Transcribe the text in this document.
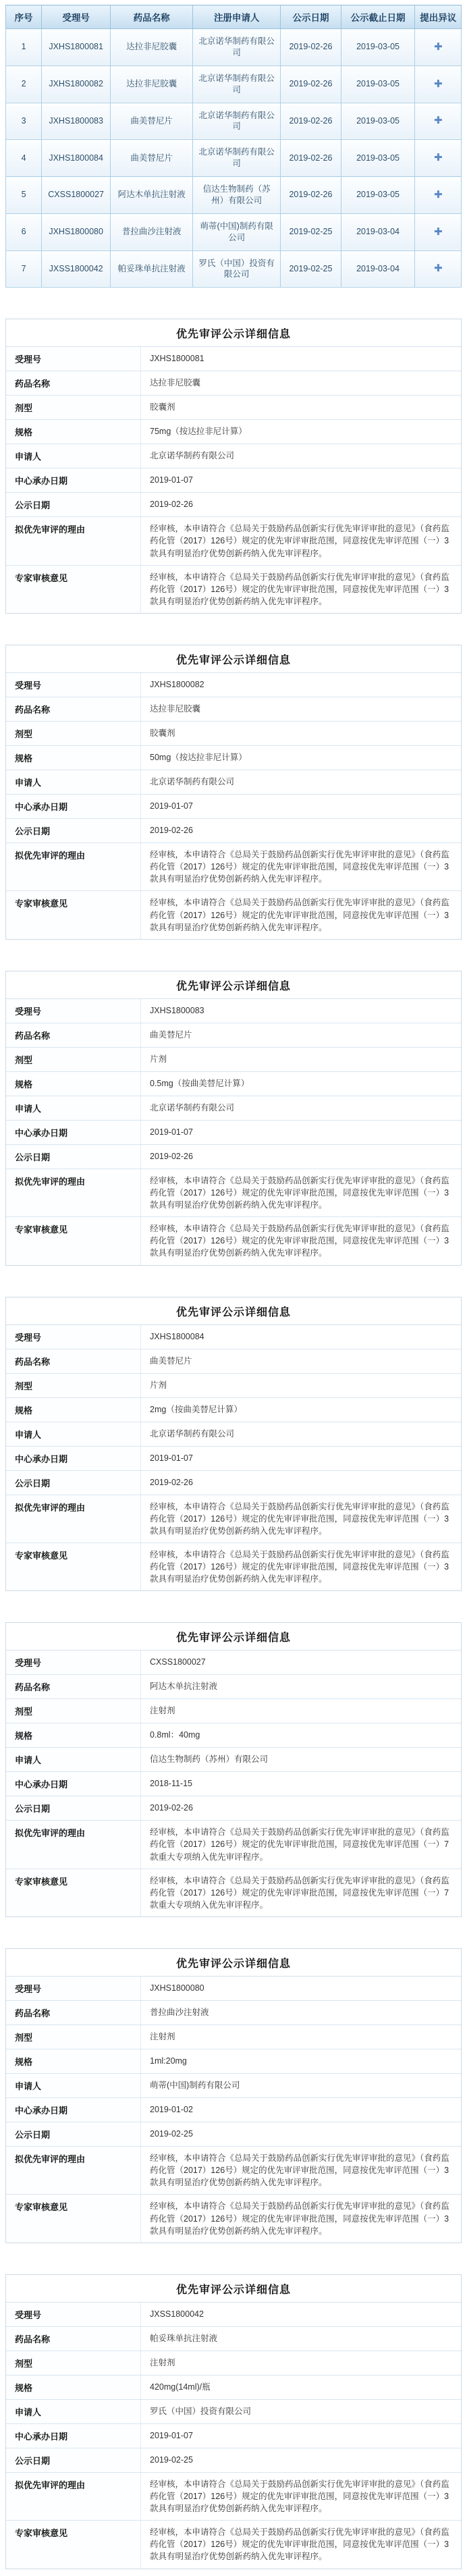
序号	受理号	药品名称	注册申请人	公示日期	公示截止日期	提出异议
1	JXHS1800081	达拉非尼胶囊	北京诺华制药有限公司	2019-02-26	2019-03-05	✚
2	JXHS1800082	达拉非尼胶囊	北京诺华制药有限公司	2019-02-26	2019-03-05	✚
3	JXHS1800083	曲美替尼片	北京诺华制药有限公司	2019-02-26	2019-03-05	✚
4	JXHS1800084	曲美替尼片	北京诺华制药有限公司	2019-02-26	2019-03-05	✚
5	CXSS1800027	阿达木单抗注射液	信达生物制药（苏州）有限公司	2019-02-26	2019-03-05	✚
6	JXHS1800080	普拉曲沙注射液	萌蒂(中国)制药有限公司	2019-02-25	2019-03-04	✚
7	JXSS1800042	帕妥珠单抗注射液	罗氏（中国）投资有限公司	2019-02-25	2019-03-04	✚
优先审评公示详细信息
受理号	JXHS1800081
药品名称	达拉非尼胶囊
剂型	胶囊剂
规格	75mg（按达拉非尼计算）
申请人	北京诺华制药有限公司
中心承办日期	2019-01-07
公示日期	2019-02-26
拟优先审评的理由	经审核，本申请符合《总局关于鼓励药品创新实行优先审评审批的意见》（食药监药化管（2017）126号）规定的优先审评审批范围，同意按优先审评范围（一）3款具有明显治疗优势创新药纳入优先审评程序。
专家审核意见	经审核，本申请符合《总局关于鼓励药品创新实行优先审评审批的意见》（食药监药化管（2017）126号）规定的优先审评审批范围，同意按优先审评范围（一）3款具有明显治疗优势创新药纳入优先审评程序。
优先审评公示详细信息
受理号	JXHS1800082
药品名称	达拉非尼胶囊
剂型	胶囊剂
规格	50mg（按达拉非尼计算）
申请人	北京诺华制药有限公司
中心承办日期	2019-01-07
公示日期	2019-02-26
拟优先审评的理由	经审核，本申请符合《总局关于鼓励药品创新实行优先审评审批的意见》（食药监药化管（2017）126号）规定的优先审评审批范围，同意按优先审评范围（一）3款具有明显治疗优势创新药纳入优先审评程序。
专家审核意见	经审核，本申请符合《总局关于鼓励药品创新实行优先审评审批的意见》（食药监药化管（2017）126号）规定的优先审评审批范围，同意按优先审评范围（一）3款具有明显治疗优势创新药纳入优先审评程序。
优先审评公示详细信息
受理号	JXHS1800083
药品名称	曲美替尼片
剂型	片剂
规格	0.5mg（按曲美替尼计算）
申请人	北京诺华制药有限公司
中心承办日期	2019-01-07
公示日期	2019-02-26
拟优先审评的理由	经审核，本申请符合《总局关于鼓励药品创新实行优先审评审批的意见》（食药监药化管（2017）126号）规定的优先审评审批范围，同意按优先审评范围（一）3款具有明显治疗优势创新药纳入优先审评程序。
专家审核意见	经审核，本申请符合《总局关于鼓励药品创新实行优先审评审批的意见》（食药监药化管（2017）126号）规定的优先审评审批范围，同意按优先审评范围（一）3款具有明显治疗优势创新药纳入优先审评程序。
优先审评公示详细信息
受理号	JXHS1800084
药品名称	曲美替尼片
剂型	片剂
规格	2mg（按曲美替尼计算）
申请人	北京诺华制药有限公司
中心承办日期	2019-01-07
公示日期	2019-02-26
拟优先审评的理由	经审核，本申请符合《总局关于鼓励药品创新实行优先审评审批的意见》（食药监药化管（2017）126号）规定的优先审评审批范围，同意按优先审评范围（一）3款具有明显治疗优势创新药纳入优先审评程序。
专家审核意见	经审核，本申请符合《总局关于鼓励药品创新实行优先审评审批的意见》（食药监药化管（2017）126号）规定的优先审评审批范围，同意按优先审评范围（一）3款具有明显治疗优势创新药纳入优先审评程序。
优先审评公示详细信息
受理号	CXSS1800027
药品名称	阿达木单抗注射液
剂型	注射剂
规格	0.8ml：40mg
申请人	信达生物制药（苏州）有限公司
中心承办日期	2018-11-15
公示日期	2019-02-26
拟优先审评的理由	经审核，本申请符合《总局关于鼓励药品创新实行优先审评审批的意见》（食药监药化管（2017）126号）规定的优先审评审批范围，同意按优先审评范围（一）7款重大专项纳入优先审评程序。
专家审核意见	经审核，本申请符合《总局关于鼓励药品创新实行优先审评审批的意见》（食药监药化管（2017）126号）规定的优先审评审批范围，同意按优先审评范围（一）7款重大专项纳入优先审评程序。
优先审评公示详细信息
受理号	JXHS1800080
药品名称	普拉曲沙注射液
剂型	注射剂
规格	1ml:20mg
申请人	萌蒂(中国)制药有限公司
中心承办日期	2019-01-02
公示日期	2019-02-25
拟优先审评的理由	经审核，本申请符合《总局关于鼓励药品创新实行优先审评审批的意见》（食药监药化管（2017）126号）规定的优先审评审批范围，同意按优先审评范围（一）3款具有明显治疗优势创新药纳入优先审评程序。
专家审核意见	经审核，本申请符合《总局关于鼓励药品创新实行优先审评审批的意见》（食药监药化管（2017）126号）规定的优先审评审批范围，同意按优先审评范围（一）3款具有明显治疗优势创新药纳入优先审评程序。
优先审评公示详细信息
受理号	JXSS1800042
药品名称	帕妥珠单抗注射液
剂型	注射剂
规格	420mg(14ml)/瓶
申请人	罗氏（中国）投资有限公司
中心承办日期	2019-01-07
公示日期	2019-02-25
拟优先审评的理由	经审核，本申请符合《总局关于鼓励药品创新实行优先审评审批的意见》（食药监药化管（2017）126号）规定的优先审评审批范围，同意按优先审评范围（一）3款具有明显治疗优势创新药纳入优先审评程序。
专家审核意见	经审核，本申请符合《总局关于鼓励药品创新实行优先审评审批的意见》（食药监药化管（2017）126号）规定的优先审评审批范围，同意按优先审评范围（一）3款具有明显治疗优势创新药纳入优先审评程序。
